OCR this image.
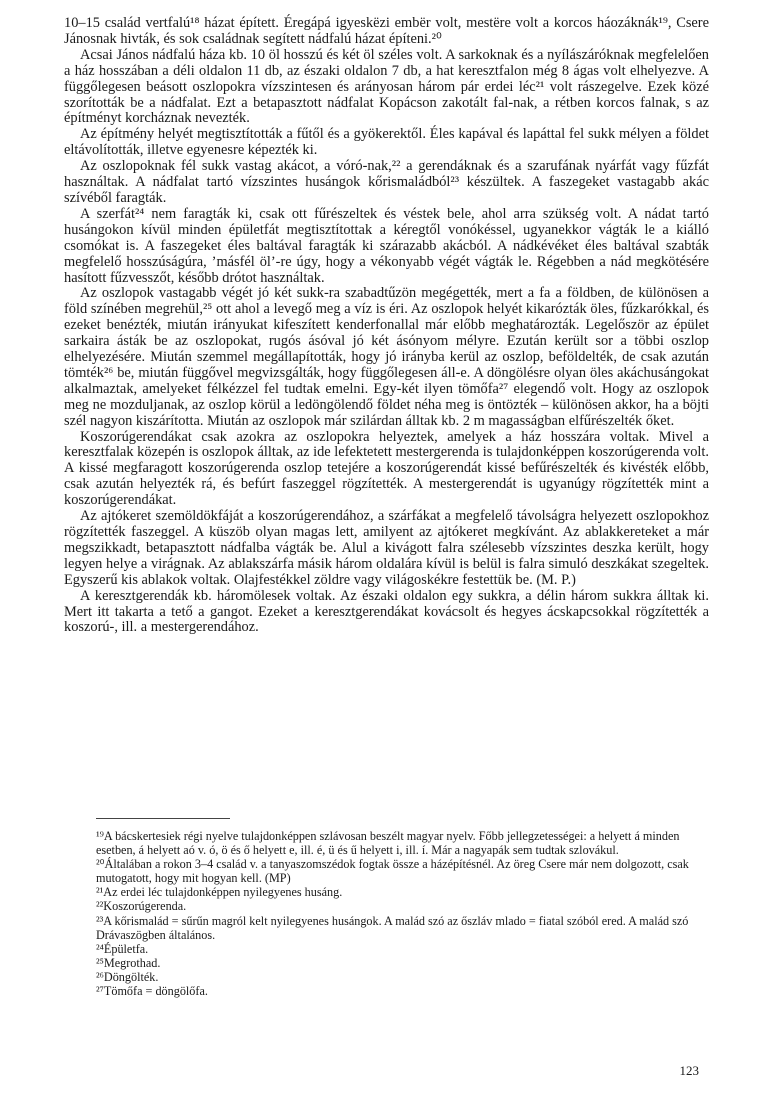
10–15 család vertfalú¹⁸ házat épített. Éregápá igyeskëzi embër volt, mestëre volt a korcos háozáknák¹⁹, Csere Jánosnak hivták, és sok családnak segített nádfalú házat építeni.²⁰

Acsai János nádfalú háza kb. 10 öl hosszú és két öl széles volt. A sarkoknak és a nyílászáróknak megfelelően a ház hosszában a déli oldalon 11 db, az északi oldalon 7 db, a hat keresztfalon még 8 ágas volt elhelyezve. A függőlegesen beásott oszlopokra vízszintesen és arányosan három pár erdei léc²¹ volt rászegelve. Ezek közé szorították be a nádfalat. Ezt a betapasztott nádfalat Kopácson zakotált fal-nak, a rétben korcos falnak, s az építményt korcháznak nevezték.

Az építmény helyét megtisztították a fűtől és a gyökerektől. Éles kapával és lapáttal fel sukk mélyen a földet eltávolították, illetve egyenesre képezték ki.

Az oszlopoknak fél sukk vastag akácot, a vóró-nak,²² a gerendáknak és a szarufának nyárfát vagy fűzfát használtak. A nádfalat tartó vízszintes husángok kőrismaládból²³ készültek. A faszegeket vastagabb akác szívéből faragták.

A szerfát²⁴ nem faragták ki, csak ott fűrészeltek és véstek bele, ahol arra szükség volt. A nádat tartó husángokon kívül minden épületfát megtisztítottak a kéregtől vonókéssel, ugyanekkor vágták le a kiálló csomókat is. A faszegeket éles baltával faragták ki szárazabb akácból. A nádkévéket éles baltával szabták megfelelő hosszúságúra, ’másfél öl’-re úgy, hogy a vékonyabb végét vágták le. Régebben a nád megkötésére hasított fűzvesszőt, később drótot használtak.

Az oszlopok vastagabb végét jó két sukk-ra szabadtűzön megégették, mert a fa a földben, de különösen a föld színében megrehül,²⁵ ott ahol a levegő meg a víz is éri. Az oszlopok helyét kikarózták öles, fűzkarókkal, és ezeket benézték, miután irányukat kifeszített kenderfonallal már előbb meghatározták. Legelőször az épület sarkaira ásták be az oszlopokat, rugós ásóval jó két ásónyom mélyre. Ezután került sor a többi oszlop elhelyezésére. Miután szemmel megállapították, hogy jó irányba kerül az oszlop, beföldelték, de csak azután tömték²⁶ be, miután függővel megvizsgálták, hogy függőlegesen áll-e. A döngölésre olyan öles akáchusángokat alkalmaztak, amelyeket félkézzel fel tudtak emelni. Egy-két ilyen tömőfa²⁷ elegendő volt. Hogy az oszlopok meg ne mozduljanak, az oszlop körül a ledöngölendő földet néha meg is öntözték – különösen akkor, ha a böjti szél nagyon kiszárította. Miután az oszlopok már szilárdan álltak kb. 2 m magasságban elfűrészelték őket.

Koszorúgerendákat csak azokra az oszlopokra helyeztek, amelyek a ház hosszára voltak. Mivel a keresztfalak közepén is oszlopok álltak, az ide lefektetett mestergerenda is tulajdonképpen koszorúgerenda volt. A kissé megfaragott koszorúgerenda oszlop tetejére a koszorúgerendát kissé befűrészelték és kivésték előbb, csak azután helyezték rá, és befúrt faszeggel rögzítették. A mestergerendát is ugyanúgy rögzítették mint a koszorúgerendákat.

Az ajtókeret szemöldökfáját a koszorúgerendához, a szárfákat a megfelelő távolságra helyezett oszlopokhoz rögzítették faszeggel. A küszöb olyan magas lett, amilyent az ajtókeret megkívánt. Az ablakkereteket a már megszikkadt, betapasztott nádfalba vágták be. Alul a kivágott falra szélesebb vízszintes deszka került, hogy legyen helye a virágnak. Az ablakszárfa másik három oldalára kívül is belül is falra simuló deszkákat szegeltek. Egyszerű kis ablakok voltak. Olajfestékkel zöldre vagy világoskékre festettük be. (M. P.)

A keresztgerendák kb. háromölesek voltak. Az északi oldalon egy sukkra, a délin három sukkra álltak ki. Mert itt takarta a tető a gangot. Ezeket a keresztgerendákat kovácsolt és hegyes ácskapcsokkal rögzítették a koszorú-, ill. a mestergerendához.

¹⁹A bácskertesiek régi nyelve tulajdonképpen szlávosan beszélt magyar nyelv. Főbb jellegzetességei: a helyett á minden esetben, á helyett aó v. ó, ö és ő helyett e, ill. é, ü és ű helyett i, ill. í. Már a nagyapák sem tudtak szlovákul.

²⁰Általában a rokon 3–4 család v. a tanyaszomszédok fogtak össze a házépítésnél. Az öreg Csere már nem dolgozott, csak mutogatott, hogy mit hogyan kell. (MP)

²¹Az erdei léc tulajdonképpen nyilegyenes husáng.

²²Koszorúgerenda.

²³A kőrismalád = sűrűn magról kelt nyilegyenes husángok. A malád szó az őszláv mlado = fiatal szóból ered. A malád szó Drávaszögben általános.

²⁴Épületfa.

²⁵Megrothad.

²⁶Döngölték.

²⁷Tömőfa = döngölőfa.

123
